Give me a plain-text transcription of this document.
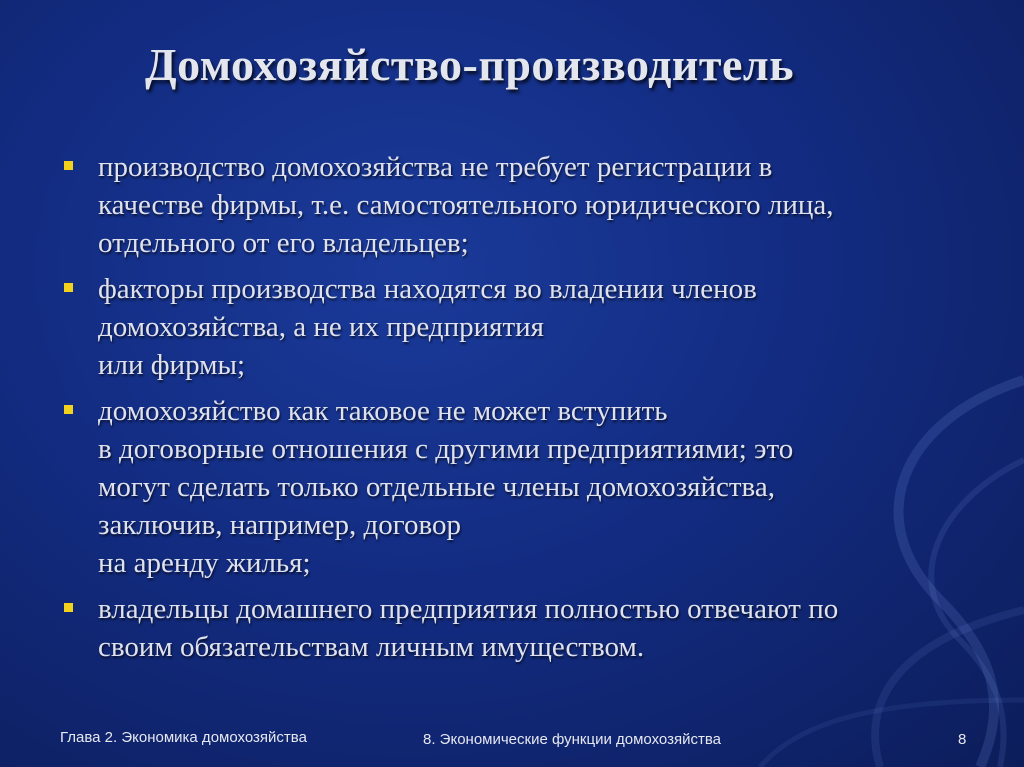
Домохозяйство-производитель
производство домохозяйства не требует регистрации в
качестве фирмы, т.е. самостоятельного юридического лица,
отдельного от его владельцев;
факторы производства находятся во владении членов
домохозяйства, а не их предприятия
или фирмы;
домохозяйство как таковое не может вступить
в договорные отношения с другими предприятиями; это
могут сделать только отдельные члены домохозяйства,
заключив, например, договор
на аренду жилья;
владельцы домашнего предприятия полностью отвечают по
своим обязательствам личным имуществом.
Глава 2. Экономика домохозяйства	8. Экономические функции домохозяйства	8
